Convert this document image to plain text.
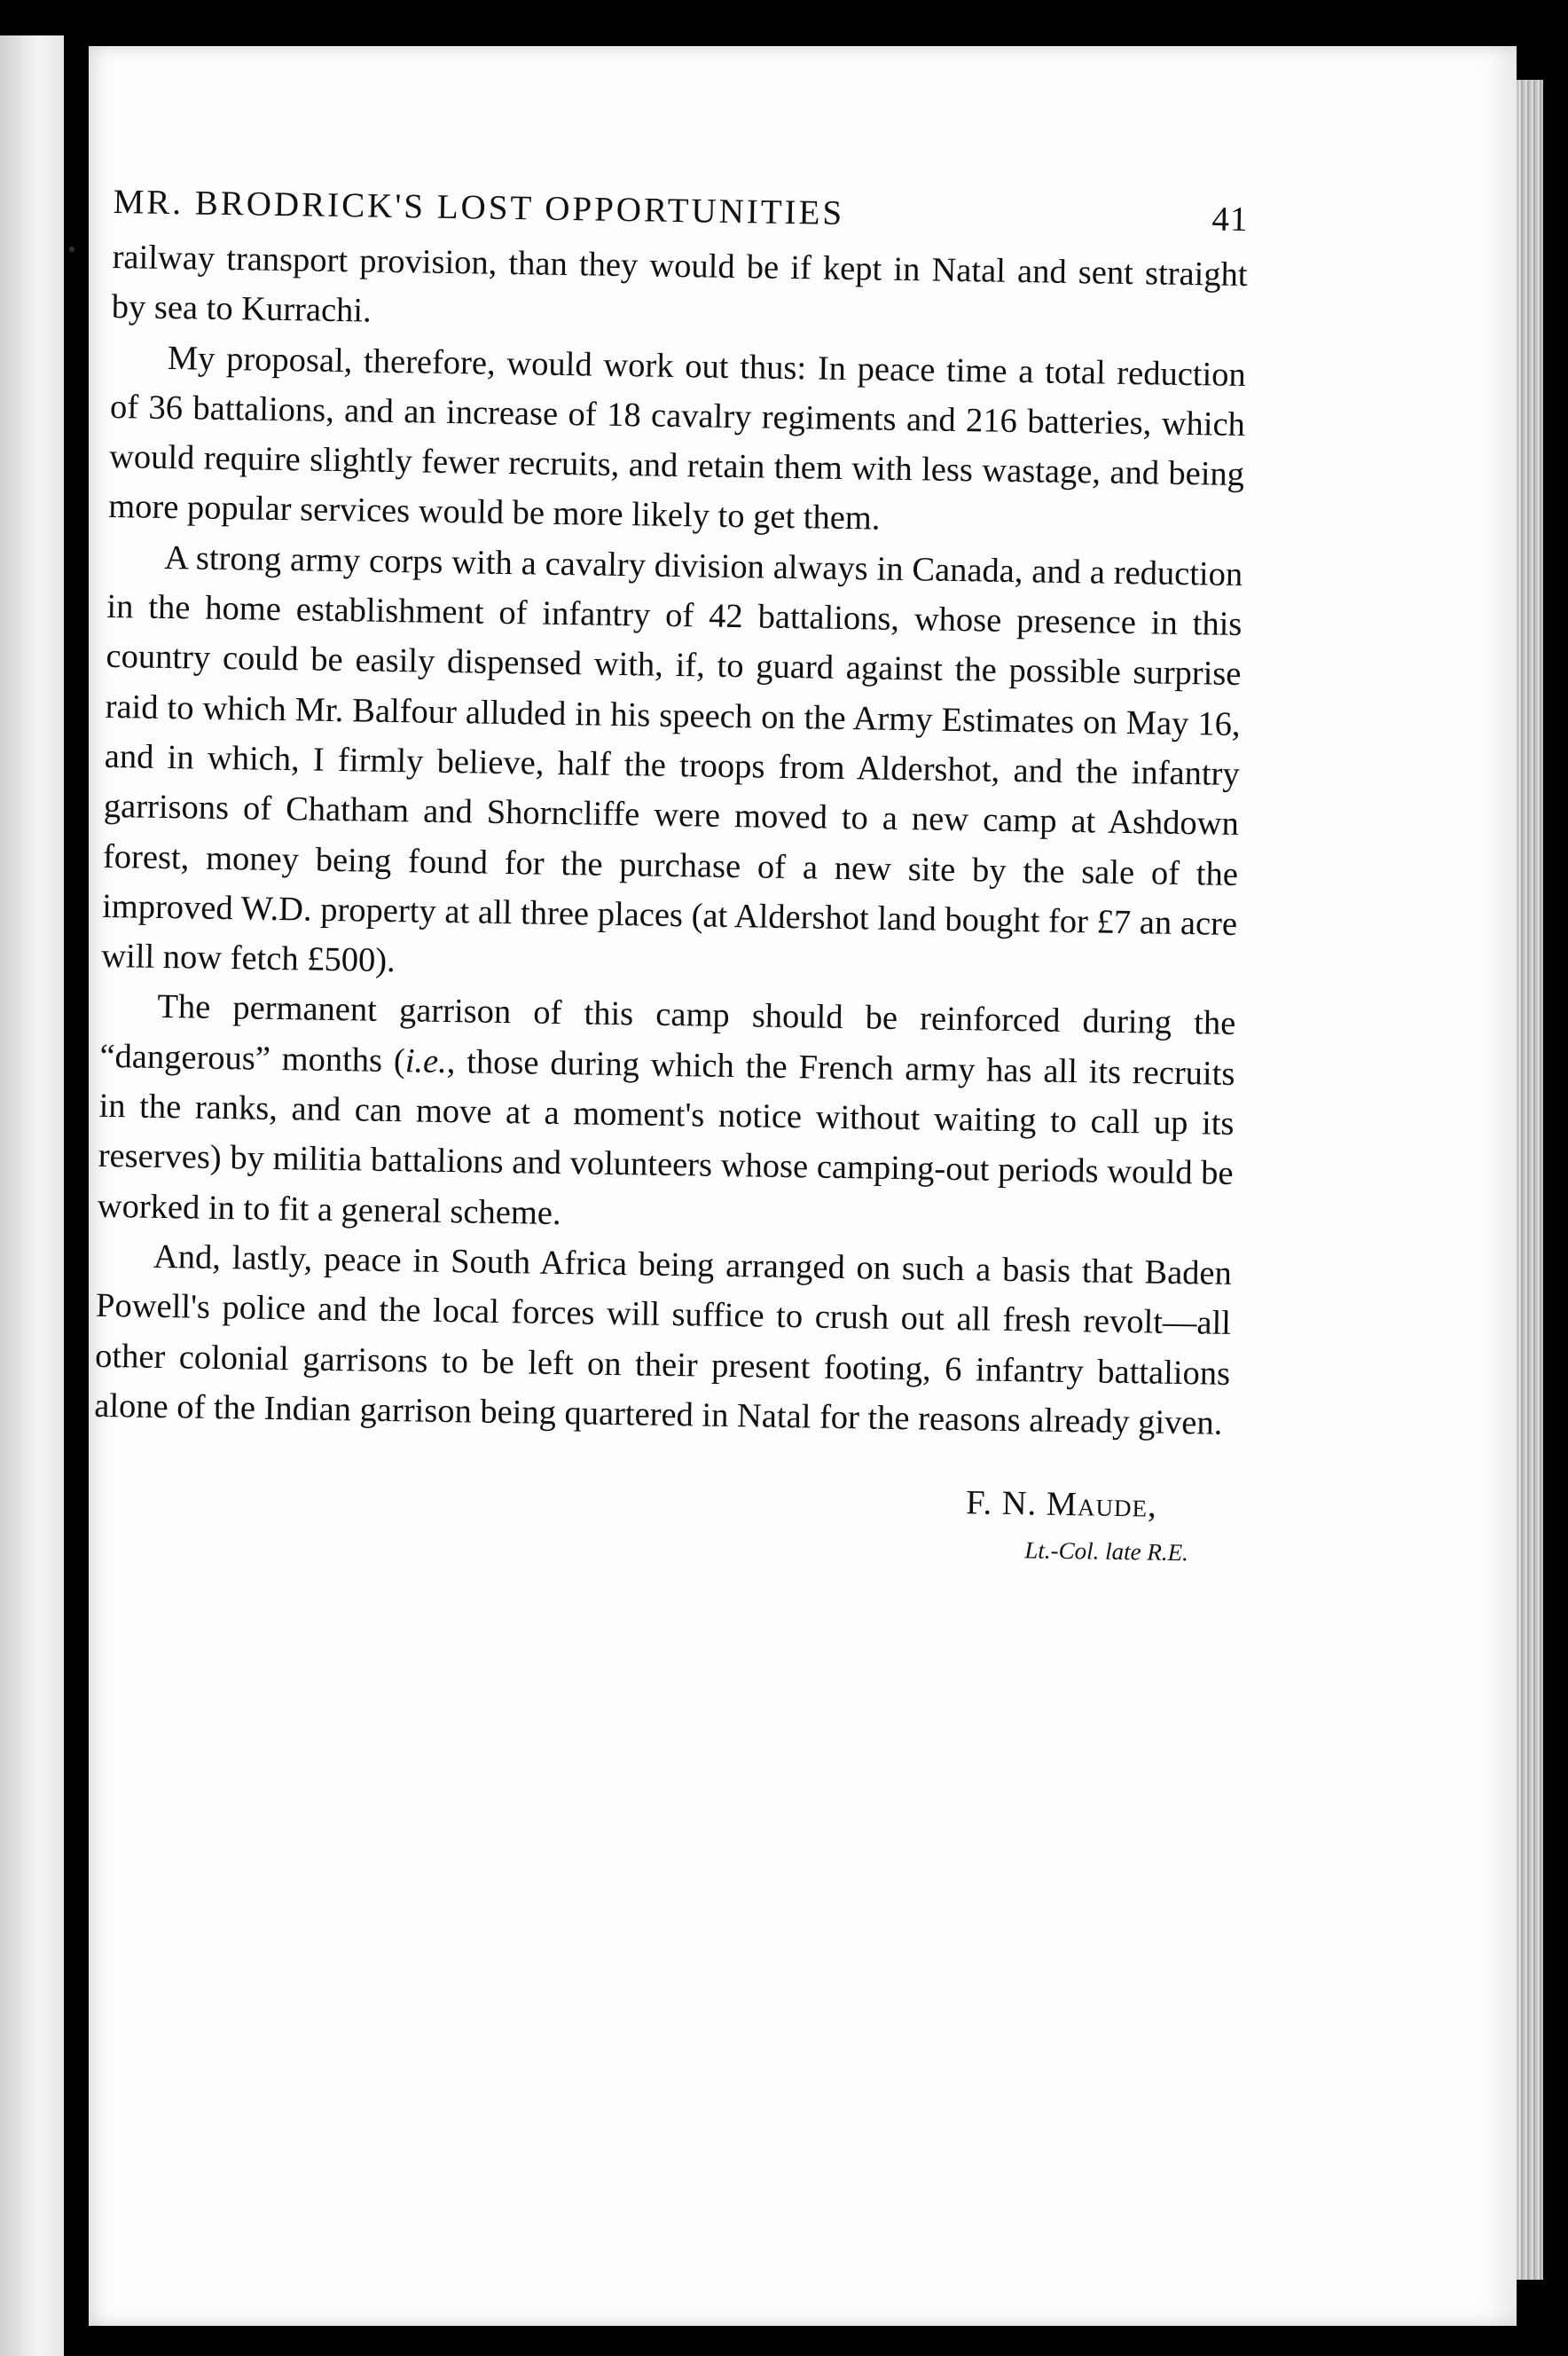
MR. BRODRICK'S LOST OPPORTUNITIES	41

railway transport provision, than they would be if kept in Natal and sent straight by sea to Kurrachi.

My proposal, therefore, would work out thus: In peace time a total reduction of 36 battalions, and an increase of 18 cavalry regiments and 216 batteries, which would require slightly fewer recruits, and retain them with less wastage, and being more popular services would be more likely to get them.

A strong army corps with a cavalry division always in Canada, and a reduction in the home establishment of infantry of 42 battalions, whose presence in this country could be easily dispensed with, if, to guard against the possible surprise raid to which Mr. Balfour alluded in his speech on the Army Estimates on May 16, and in which, I firmly believe, half the troops from Aldershot, and the infantry garrisons of Chatham and Shorncliffe were moved to a new camp at Ashdown forest, money being found for the purchase of a new site by the sale of the improved W.D. property at all three places (at Aldershot land bought for £7 an acre will now fetch £500).

The permanent garrison of this camp should be reinforced during the “dangerous” months (i.e., those during which the French army has all its recruits in the ranks, and can move at a moment's notice without waiting to call up its reserves) by militia battalions and volunteers whose camping-out periods would be worked in to fit a general scheme.

And, lastly, peace in South Africa being arranged on such a basis that Baden Powell's police and the local forces will suffice to crush out all fresh revolt—all other colonial garrisons to be left on their present footing, 6 infantry battalions alone of the Indian garrison being quartered in Natal for the reasons already given.

F. N. Maude,
Lt.-Col. late R.E.
